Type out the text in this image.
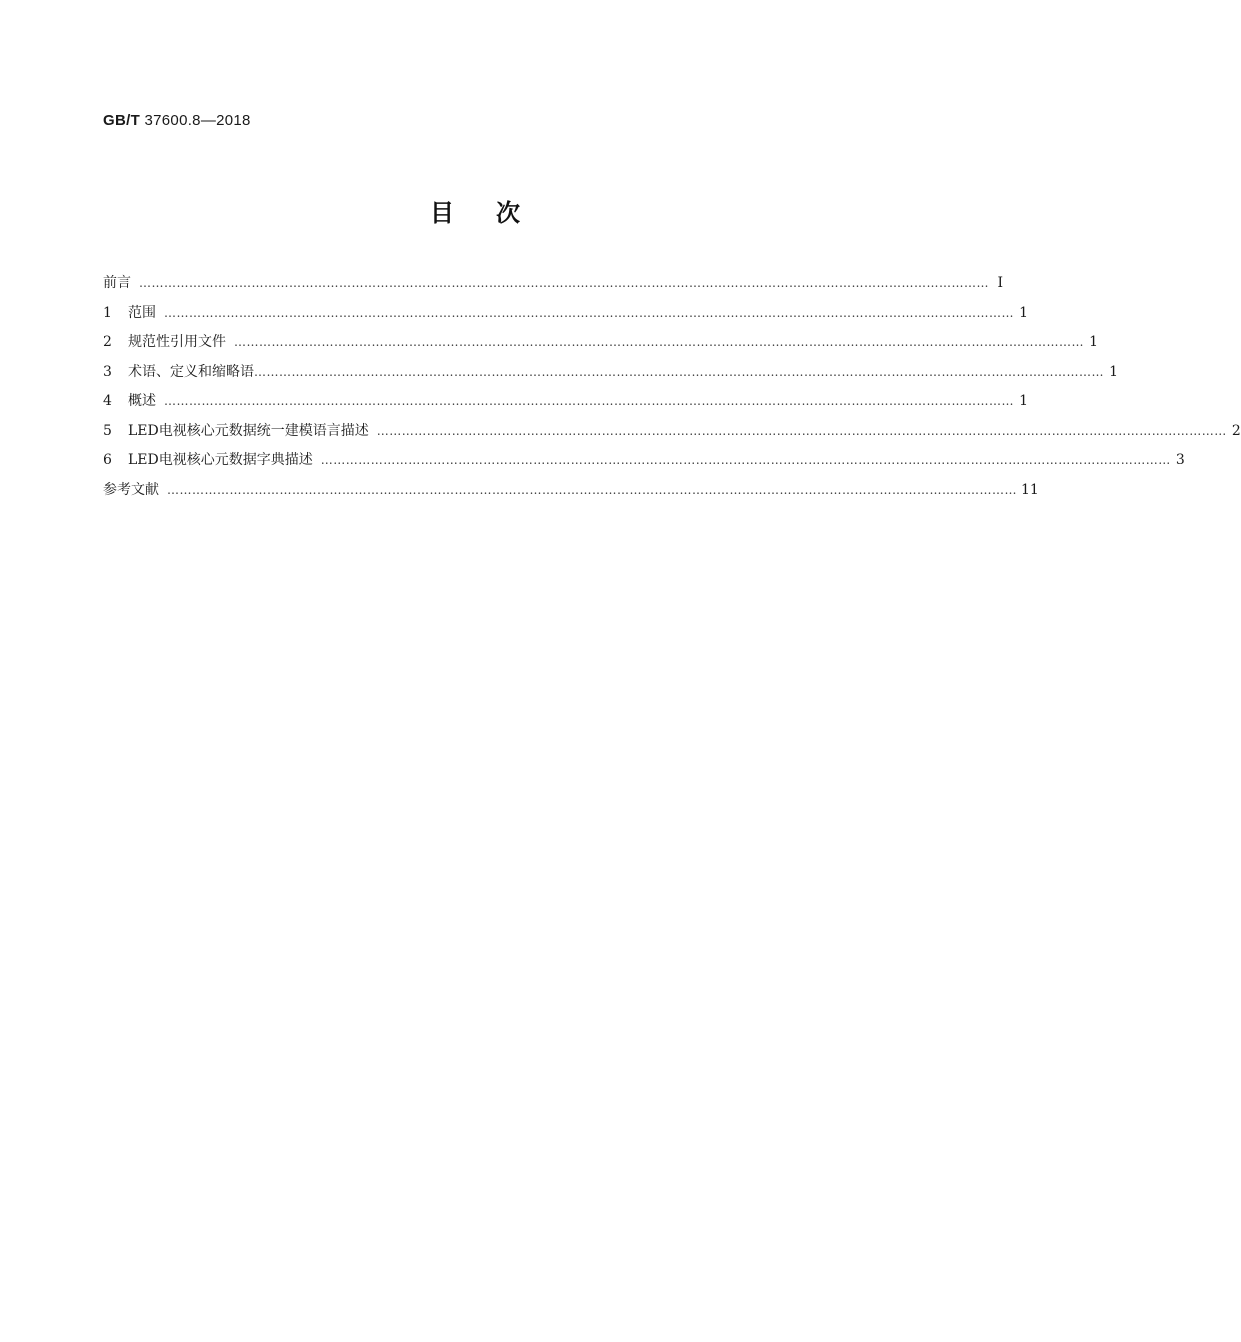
GB/T 37600.8—2018
目次
前言 …………………………………………………………………………………………………………………………………………………………………………………… Ⅰ
1	范围 …………………………………………………………………………………………………………………………………………………………………………………… 1
2	规范性引用文件 …………………………………………………………………………………………………………………………………………………………………………………… 1
3	术语、定义和缩略语 …………………………………………………………………………………………………………………………………………………………………………………… 1
4	概述 …………………………………………………………………………………………………………………………………………………………………………………… 1
5	LED电视核心元数据统一建模语言描述 …………………………………………………………………………………………………………………………………………………………………………………… 2
6	LED电视核心元数据字典描述 …………………………………………………………………………………………………………………………………………………………………………………… 3
参考文献 …………………………………………………………………………………………………………………………………………………………………………………… 11
